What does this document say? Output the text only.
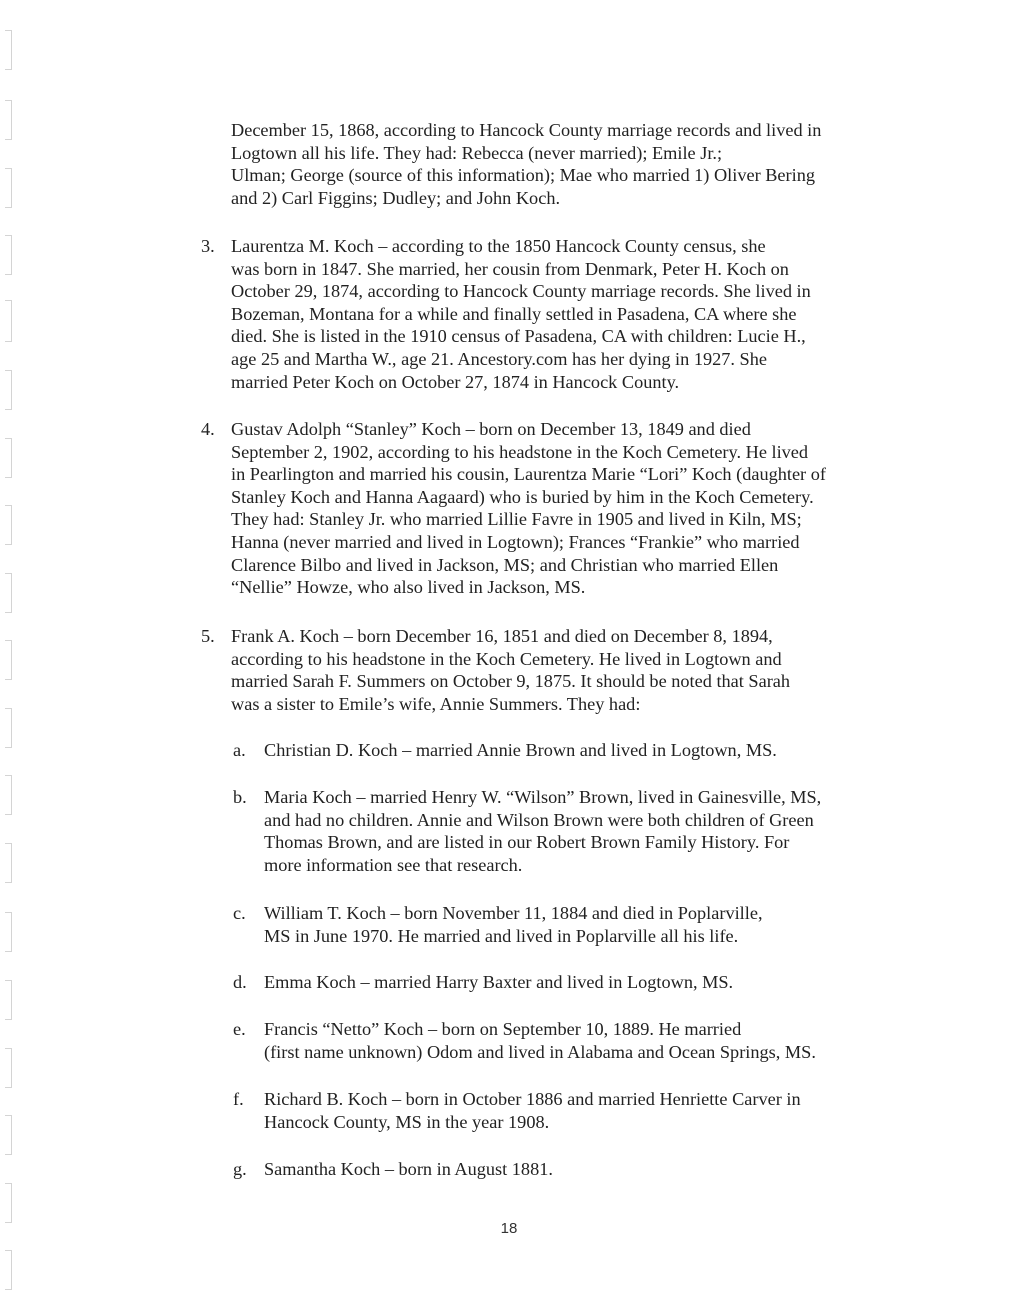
December 15, 1868, according to Hancock County marriage records and lived in
Logtown all his life. They had: Rebecca (never married); Emile Jr.;
Ulman; George (source of this information); Mae who married 1) Oliver Bering
and 2) Carl Figgins; Dudley; and John Koch.
3. Laurentza M. Koch – according to the 1850 Hancock County census, she
was born in 1847. She married, her cousin from Denmark, Peter H. Koch on
October 29, 1874, according to Hancock County marriage records. She lived in
Bozeman, Montana for a while and finally settled in Pasadena, CA where she
died. She is listed in the 1910 census of Pasadena, CA with children: Lucie H.,
age 25 and Martha W., age 21. Ancestory.com has her dying in 1927. She
married Peter Koch on October 27, 1874 in Hancock County.
4. Gustav Adolph “Stanley” Koch – born on December 13, 1849 and died
September 2, 1902, according to his headstone in the Koch Cemetery. He lived
in Pearlington and married his cousin, Laurentza Marie “Lori” Koch (daughter of
Stanley Koch and Hanna Aagaard) who is buried by him in the Koch Cemetery.
They had: Stanley Jr. who married Lillie Favre in 1905 and lived in Kiln, MS;
Hanna (never married and lived in Logtown); Frances “Frankie” who married
Clarence Bilbo and lived in Jackson, MS; and Christian who married Ellen
“Nellie” Howze, who also lived in Jackson, MS.
5. Frank A. Koch – born December 16, 1851 and died on December 8, 1894,
according to his headstone in the Koch Cemetery. He lived in Logtown and
married Sarah F. Summers on October 9, 1875. It should be noted that Sarah
was a sister to Emile’s wife, Annie Summers. They had:
a. Christian D. Koch – married Annie Brown and lived in Logtown, MS.
b. Maria Koch – married Henry W. “Wilson” Brown, lived in Gainesville, MS,
and had no children. Annie and Wilson Brown were both children of Green
Thomas Brown, and are listed in our Robert Brown Family History. For
more information see that research.
c. William T. Koch – born November 11, 1884 and died in Poplarville,
MS in June 1970. He married and lived in Poplarville all his life.
d. Emma Koch – married Harry Baxter and lived in Logtown, MS.
e. Francis “Netto” Koch – born on September 10, 1889. He married
(first name unknown) Odom and lived in Alabama and Ocean Springs, MS.
f. Richard B. Koch – born in October 1886 and married Henriette Carver in
Hancock County, MS in the year 1908.
g. Samantha Koch – born in August 1881.
18
